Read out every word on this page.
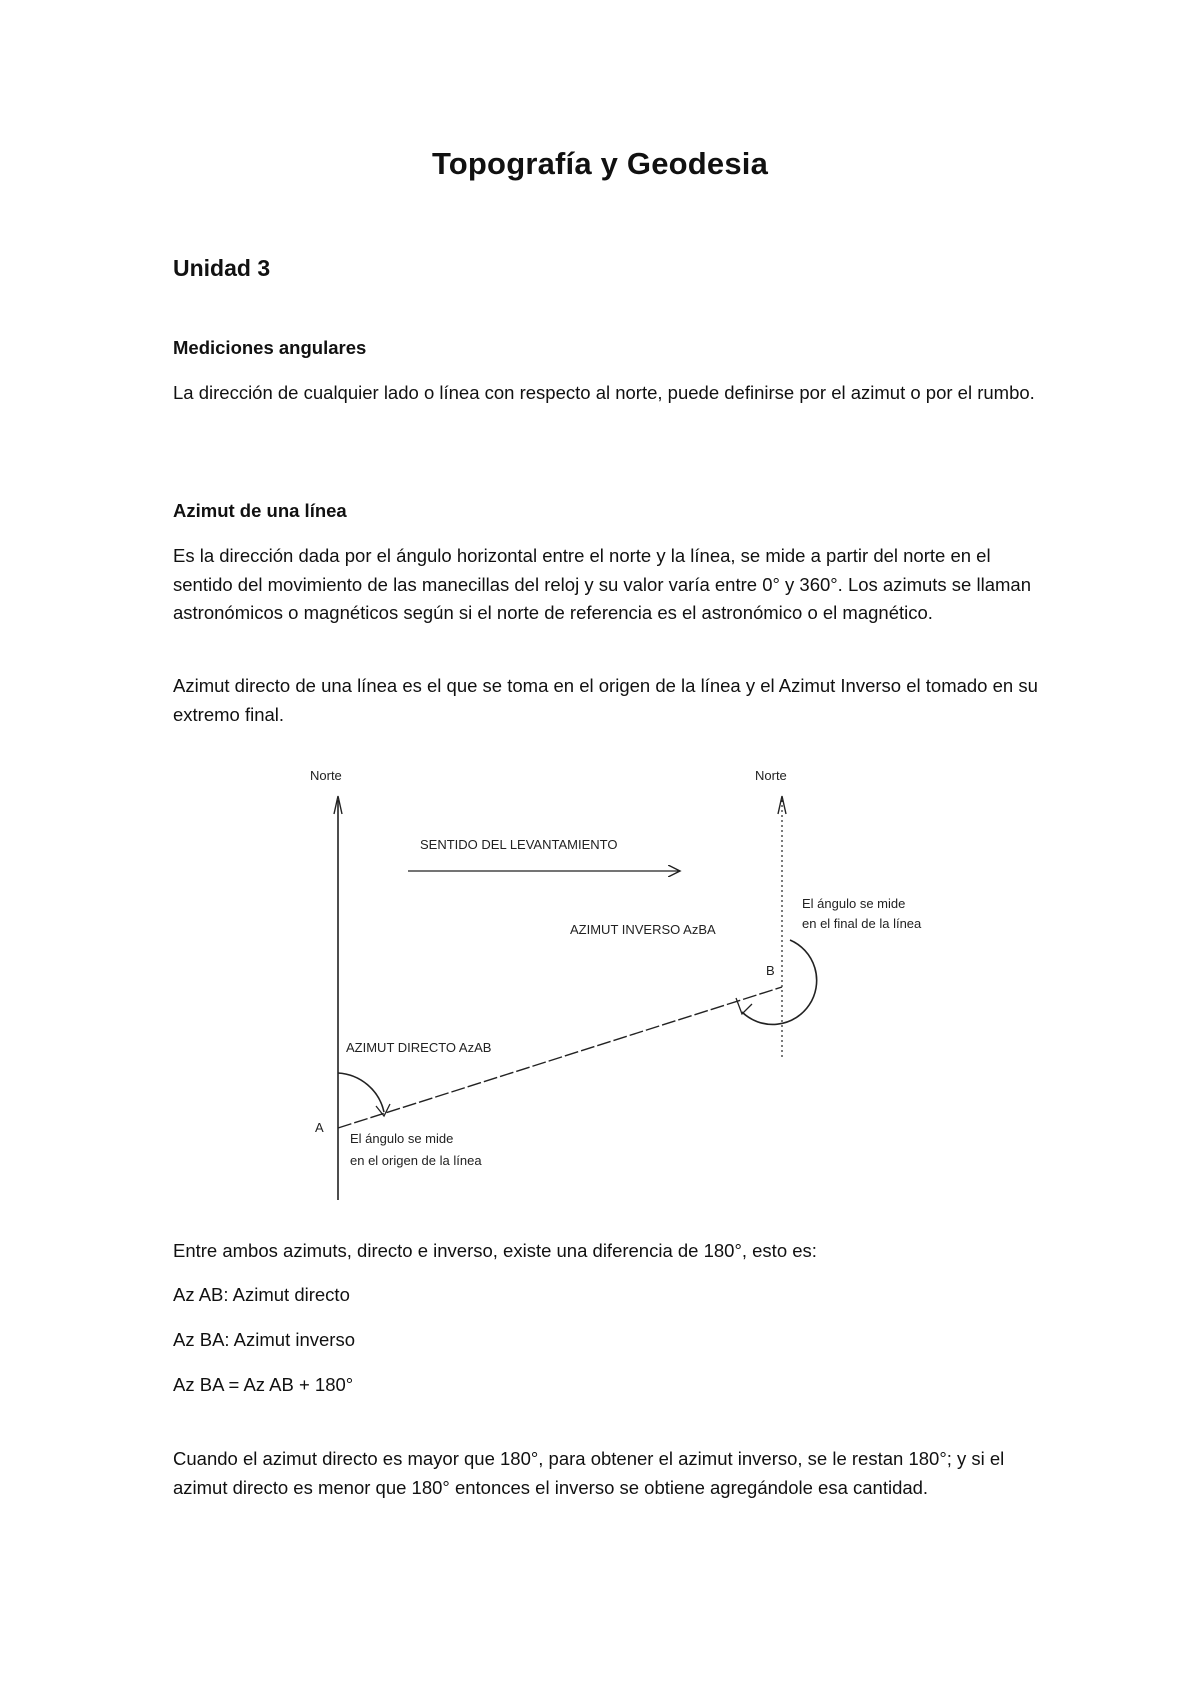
Topografía y Geodesia
Unidad 3
Mediciones angulares
La dirección de cualquier lado o línea con respecto al norte, puede definirse por el azimut o por el rumbo.
Azimut de una línea
Es la dirección dada por el ángulo horizontal entre el norte y la línea, se mide a partir del norte en el sentido del movimiento de las manecillas del reloj y su valor varía entre 0° y 360°. Los azimuts se llaman astronómicos o magnéticos según si el norte de referencia es el astronómico o el magnético.
Azimut directo de una línea es el que se toma en el origen de la línea y el Azimut Inverso el tomado en su extremo final.
Norte	Norte
SENTIDO DEL LEVANTAMIENTO
AZIMUT INVERSO AzBA
El ángulo se mide
en el final de la línea
B
AZIMUT DIRECTO AzAB
A
El ángulo se mide
en el origen de la línea
Entre ambos azimuts, directo e inverso, existe una diferencia de 180°, esto es:
Az AB: Azimut directo
Az BA: Azimut inverso
Az BA = Az AB + 180°
Cuando el azimut directo es mayor que 180°, para obtener el azimut inverso, se le restan 180°; y si el azimut directo es menor que 180° entonces el inverso se obtiene agregándole esa cantidad.
